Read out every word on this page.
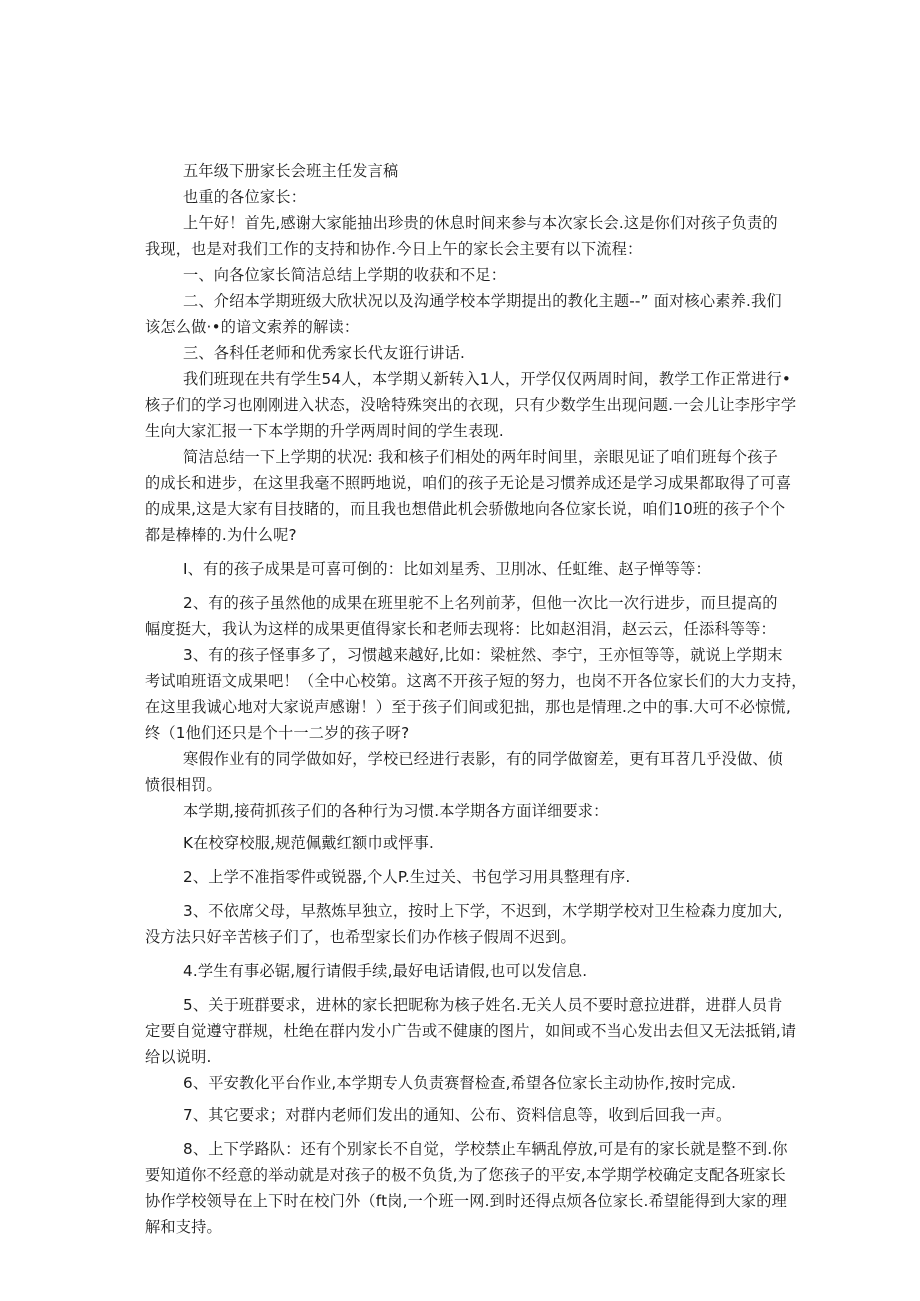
五年级下册家长会班主任发言稿

也重的各位家长：

上午好！首先,感谢大家能抽出珍贵的休息时间来参与本次家长会.这是你们对孩子负责的

我现，也是对我们工作的支持和协作.今日上午的家长会主要有以下流程：

一、向各位家长简洁总结上学期的收获和不足：

二、介绍本学期班级大欣状况以及沟通学校本学期提出的教化主题--” 面对核心素养.我们

该怎么做·•的谙文索养的解读：

三、各科任老师和优秀家长代友诳行讲话.

我们班现在共有学生54人，本学期乂新转入1人，开学仅仅两周时间，教学工作正常进行•

核子们的学习也刚刚进入状态，没啥特殊突出的衣现，只有少数学生出现问题.一会儿让李彤宇学

生向大家汇报一下本学期的升学两周时间的学生表现.

简洁总结一下上学期的状况: 我和核子们相处的两年时间里，亲眼见证了咱们班每个孩子

的成长和进步，在这里我毫不照眄地说，咱们的孩子无论是习惯养成还是学习成果都取得了可喜

的成果,这是大家有目技睹的，而且我也想借此机会骄傲地向各位家长说，咱们10班的孩子个个

都是棒棒的.为什么呢?

I、有的孩子成果是可喜可倒的：比如刘星秀、卫刖冰、任虹维、赵子惮等等：

2、有的孩子虽然他的成果在班里驼不上名列前茅，但他一次比一次行进步，而旦提高的

幅度挺大，我认为这样的成果更值得家长和老师去现将：比如赵泪涓，赵云云，任添科等等：

3、有的孩子怪事多了，习惯越来越好,比如：梁桩然、李宁，王亦恒等等，就说上学期末

考试咱班语文成果吧！（全中心校第。这离不开孩子短的努力，也岗不开各位家长们的大力支持，

在这里我诚心地对大家说声感谢！）至于孩子们间或犯拙，那也是情理.之中的事.大可不必惊慌,

终（1他们还只是个十一二岁的孩子呀?

寒假作业有的同学做如好，学校已经进行表影，有的同学做窗差，更有耳苕几乎没做、侦

愤很相罚。

本学期,接荷抓孩子们的各种行为习惯.本学期各方面详细要求：

K在校穿校服,规范佩戴红额巾或怦事.

2、上学不准指零件或锐器,个人P.生过关、书包学习用具整理有序.

3、不依席父母，早熬炼早独立，按时上下学，不迟到，木学期学校对卫生检森力度加大,

没方法只好辛苦核子们了，也希型家长们办作核子假周不迟到。

4.学生有事必锯,履行请假手续,最好电话请假,也可以发信息.

5、关于班群要求，进林的家长把昵称为核子姓名.无关人员不要时意拉进群，进群人员肯

定要自觉遵守群规，杜绝在群内发小广告或不健康的图片，如间或不当心发出去但又无法抵销,请

给以说明.

6、平安教化平台作业,本学期专人负责赛督检查,希望各位家长主动协作,按时完成.

7、其它要求；对群内老师们发出的通知、公布、资料信息等，收到后回我一声。

8、上下学路队：还有个别家长不自觉，学校禁止车辆乱停放,可是有的家长就是整不到.你

要知道你不经意的举动就是对孩子的极不负货,为了您孩子的平安,本学期学校确定支配各班家长

协作学校领导在上下时在校门外（ft岗,一个班一网.到时还得点烦各位家长.希望能得到大家的理

解和支持。
